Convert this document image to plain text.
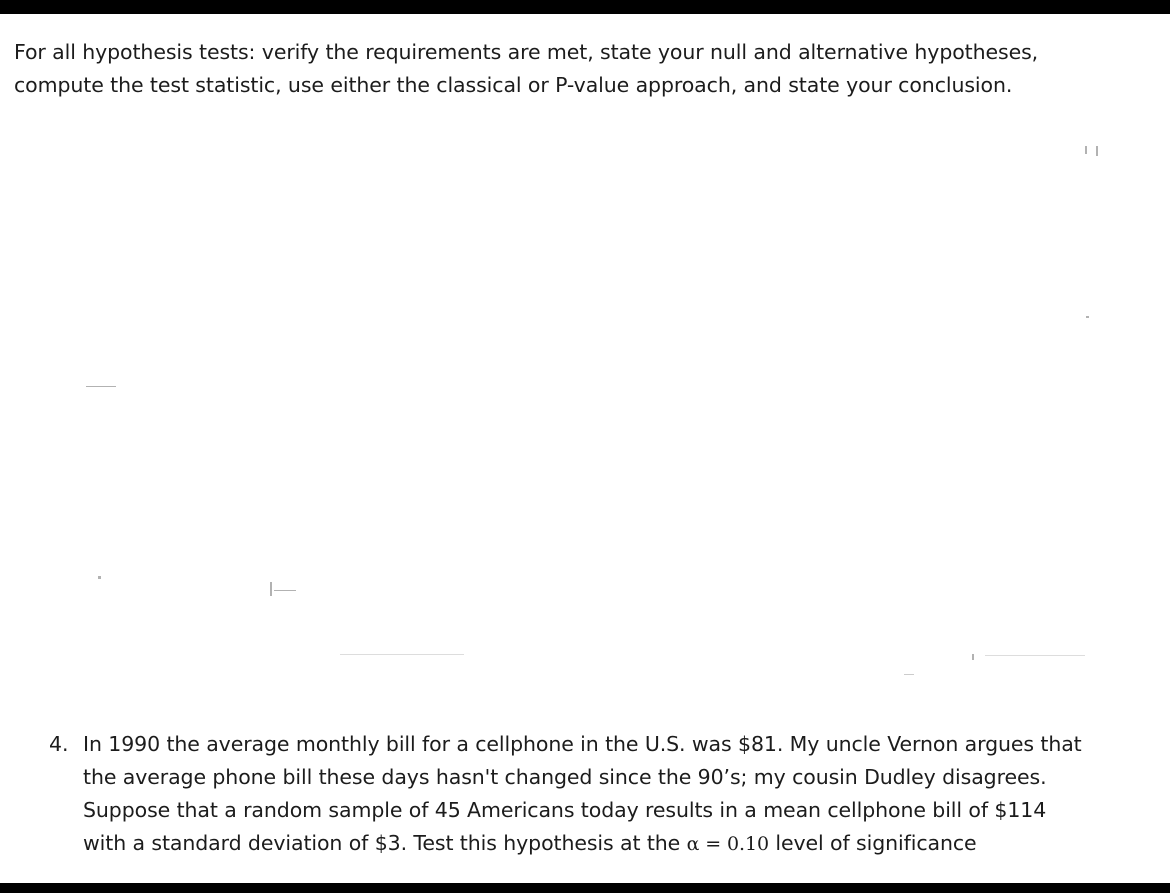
For all hypothesis tests: verify the requirements are met, state your null and alternative hypotheses,
compute the test statistic, use either the classical or P-value approach, and state your conclusion.
4. In 1990 the average monthly bill for a cellphone in the U.S. was $81. My uncle Vernon argues that
the average phone bill these days hasn't changed since the 90’s; my cousin Dudley disagrees.
Suppose that a random sample of 45 Americans today results in a mean cellphone bill of $114
with a standard deviation of $3. Test this hypothesis at the α = 0.10 level of significance
